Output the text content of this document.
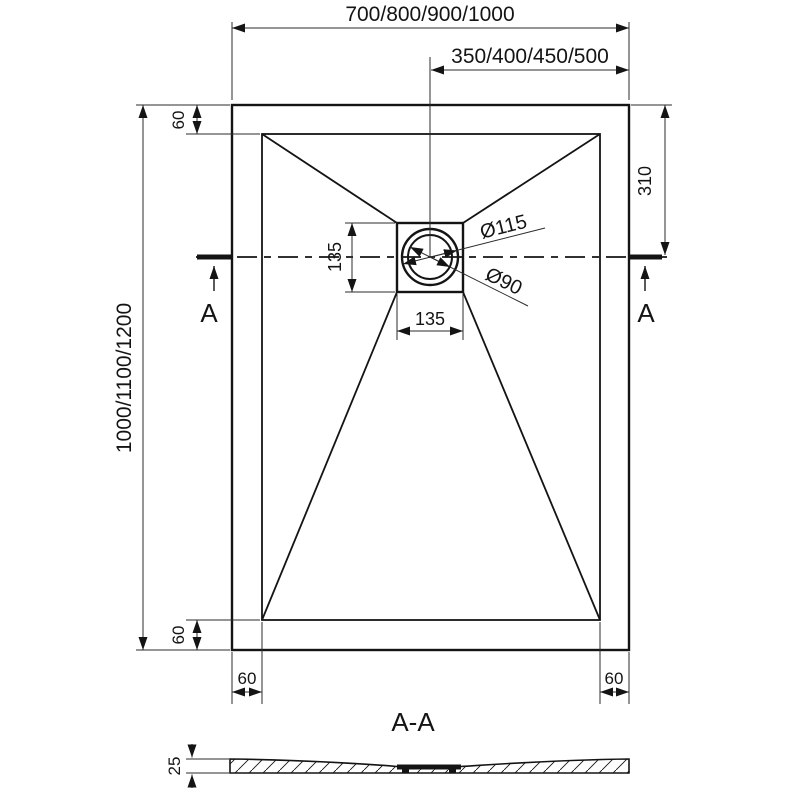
A	A
700/800/900/1000
350/400/450/500
1000/1100/1200
60
60
310
135
135
60	60
Ø115
Ø90
A-A
25
